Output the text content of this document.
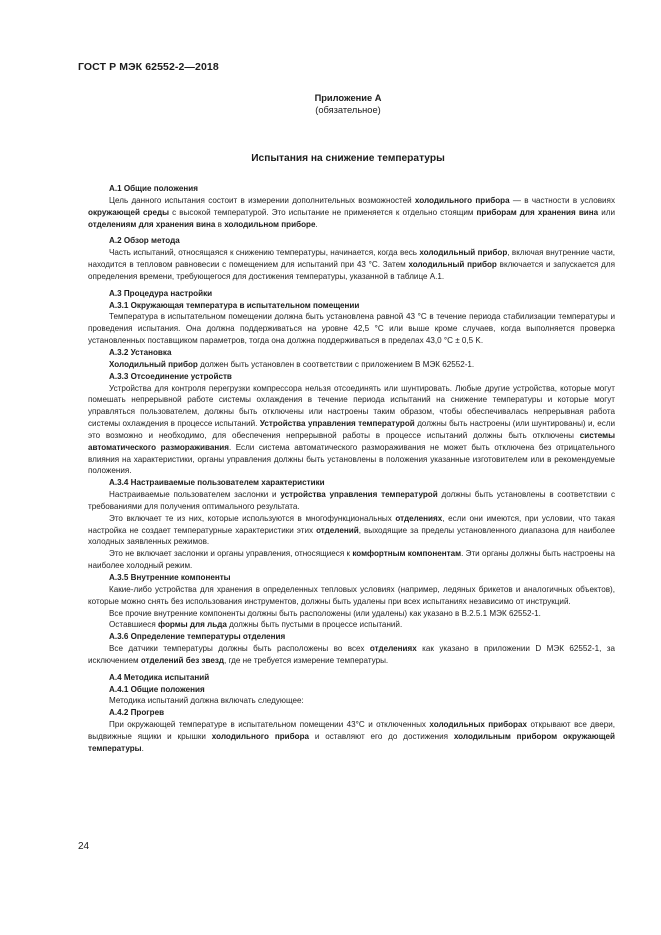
ГОСТ Р МЭК 62552-2—2018
Приложение А
(обязательное)
Испытания на снижение температуры

А.1 Общие положения

Цель данного испытания состоит в измерении дополнительных возможностей холодильного прибора — в частности в условиях окружающей среды с высокой температурой. Это испытание не применяется к отдельно стоящим приборам для хранения вина или отделениям для хранения вина в холодильном приборе.

А.2 Обзор метода

Часть испытаний, относящаяся к снижению температуры, начинается, когда весь холодильный прибор, включая внутренние части, находится в тепловом равновесии с помещением для испытаний при 43 °С. Затем холодильный прибор включается и запускается для определения времени, требующегося для достижения температуры, указанной в таблице А.1.

А.3 Процедура настройки

А.3.1 Окружающая температура в испытательном помещении

Температура в испытательном помещении должна быть установлена равной 43 °С в течение периода стабилизации температуры и проведения испытания. Она должна поддерживаться на уровне 42,5 °С или выше кроме случаев, когда выполняется проверка установленных поставщиком параметров, тогда она должна поддерживаться в пределах 43,0 °С ± 0,5 K.

А.3.2 Установка

Холодильный прибор должен быть установлен в соответствии с приложением В МЭК 62552-1.

А.3.3 Отсоединение устройств

Устройства для контроля перегрузки компрессора нельзя отсоединять или шунтировать. Любые другие устройства, которые могут помешать непрерывной работе системы охлаждения в течение периода испытаний на снижение температуры и которые могут управляться пользователем, должны быть отключены или настроены таким образом, чтобы обеспечивалась непрерывная работа системы охлаждения в процессе испытаний. Устройства управления температурой должны быть настроены (или шунтированы) и, если это возможно и необходимо, для обеспечения непрерывной работы в процессе испытаний должны быть отключены системы автоматического размораживания. Если система автоматического размораживания не может быть отключена без отрицательного влияния на характеристики, органы управления должны быть установлены в положения указанные изготовителем или в рекомендуемые положения.

А.3.4 Настраиваемые пользователем характеристики

Настраиваемые пользователем заслонки и устройства управления температурой должны быть установлены в соответствии с требованиями для получения оптимального результата.

Это включает те из них, которые используются в многофункциональных отделениях, если они имеются, при условии, что такая настройка не создает температурные характеристики этих отделений, выходящие за пределы установленного диапазона для наиболее холодных заявленных режимов.

Это не включает заслонки и органы управления, относящиеся к комфортным компонентам. Эти органы должны быть настроены на наиболее холодный режим.

А.3.5 Внутренние компоненты

Какие-либо устройства для хранения в определенных тепловых условиях (например, ледяных брикетов и аналогичных объектов), которые можно снять без использования инструментов, должны быть удалены при всех испытаниях независимо от инструкций.

Все прочие внутренние компоненты должны быть расположены (или удалены) как указано в В.2.5.1 МЭК 62552-1.

Оставшиеся формы для льда должны быть пустыми в процессе испытаний.

А.3.6 Определение температуры отделения

Все датчики температуры должны быть расположены во всех отделениях как указано в приложении D МЭК 62552-1, за исключением отделений без звезд, где не требуется измерение температуры.

А.4 Методика испытаний

А.4.1 Общие положения

Методика испытаний должна включать следующее:

А.4.2 Прогрев

При окружающей температуре в испытательном помещении 43°С и отключенных холодильных приборах открывают все двери, выдвижные ящики и крышки холодильного прибора и оставляют его до достижения холодильным прибором окружающей температуры.

24
